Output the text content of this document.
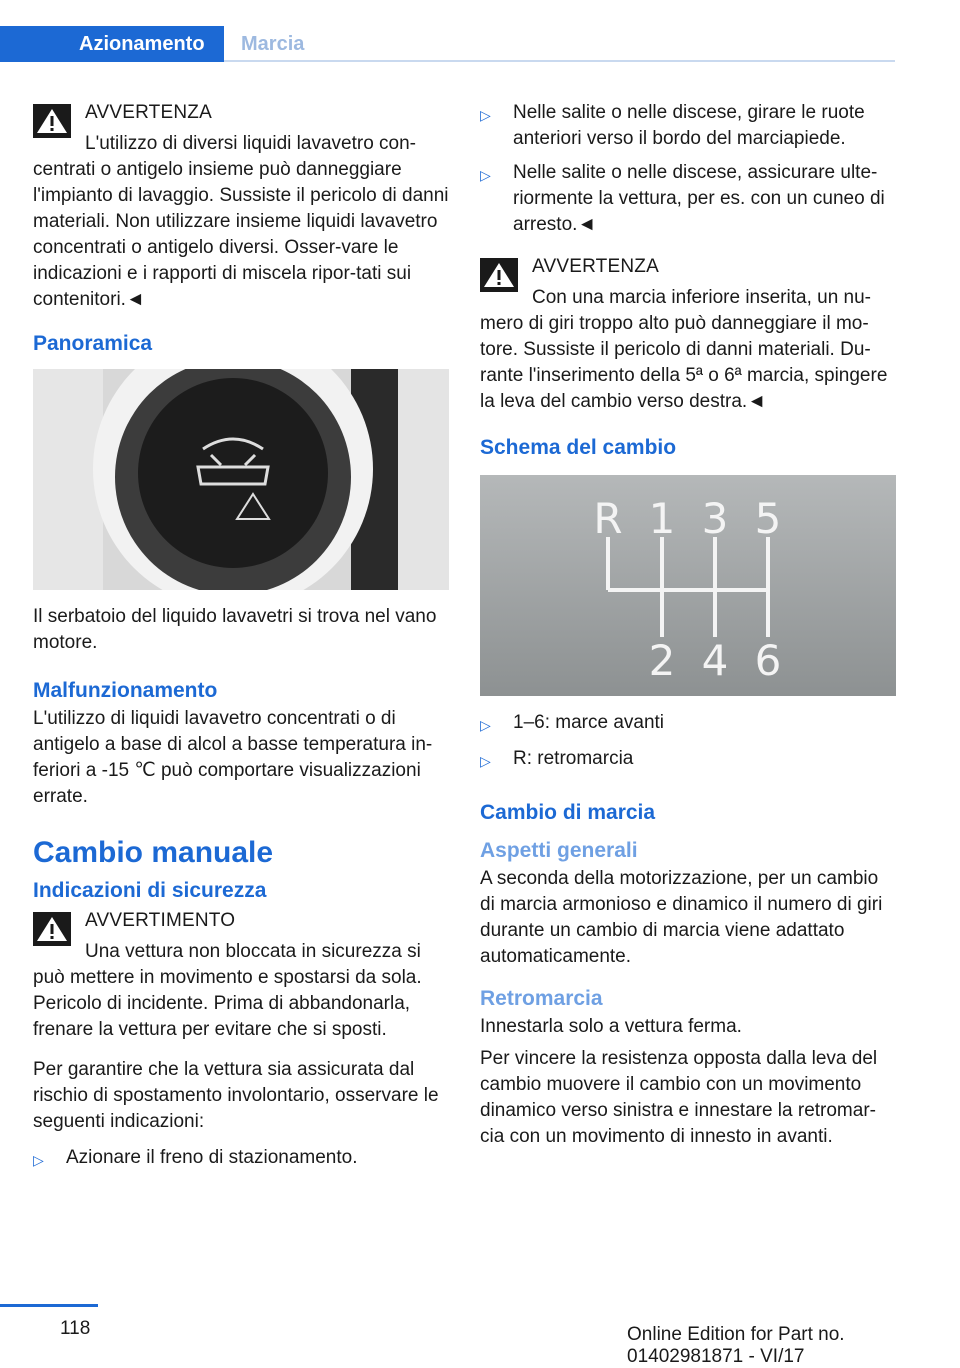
Azionamento	Marcia
AVVERTENZA
L'utilizzo di diversi liquidi lavavetro con-
centrati o antigelo insieme può danneggiare l'impianto di lavaggio. Sussiste il pericolo di danni materiali. Non utilizzare insieme liquidi lavavetro concentrati o antigelo diversi. Osser-vare le indicazioni e i rapporti di miscela ripor-tati sui contenitori.◄
Panoramica

Il serbatoio del liquido lavavetri si trova nel vano motore.

Malfunzionamento

L'utilizzo di liquidi lavavetro concentrati o di antigelo a base di alcol a basse temperatura in-feriori a ‑15 ℃ può comportare visualizzazioni errate.

Cambio manuale
Indicazioni di sicurezza
AVVERTIMENTO
Una vettura non bloccata in sicurezza si
può mettere in movimento e spostarsi da sola. Pericolo di incidente. Prima di abbandonarla, frenare la vettura per evitare che si sposti.

Per garantire che la vettura sia assicurata dal rischio di spostamento involontario, osservare le seguenti indicazioni:

▷	Azionare il freno di stazionamento.
▷	Nelle salite o nelle discese, girare le ruote anteriori verso il bordo del marciapiede.
▷	Nelle salite o nelle discese, assicurare ulte-riormente la vettura, per es. con un cuneo di arresto.◄
AVVERTENZA
Con una marcia inferiore inserita, un nu-
mero di giri troppo alto può danneggiare il mo-tore. Sussiste il pericolo di danni materiali. Du-rante l'inserimento della 5ª o 6ª marcia, spingere la leva del cambio verso destra.◄
Schema del cambio
R 1 3 5
2 4 6
▷	1–6: marce avanti
▷	R: retromarcia
Cambio di marcia
Aspetti generali

A seconda della motorizzazione, per un cambio di marcia armonioso e dinamico il numero di giri durante un cambio di marcia viene adattato automaticamente.

Retromarcia

Innestarla solo a vettura ferma.

Per vincere la resistenza opposta dalla leva del cambio muovere il cambio con un movimento dinamico verso sinistra e innestare la retromar-cia con un movimento di innesto in avanti.

118	Online Edition for Part no. 01402981871 - VI/17
